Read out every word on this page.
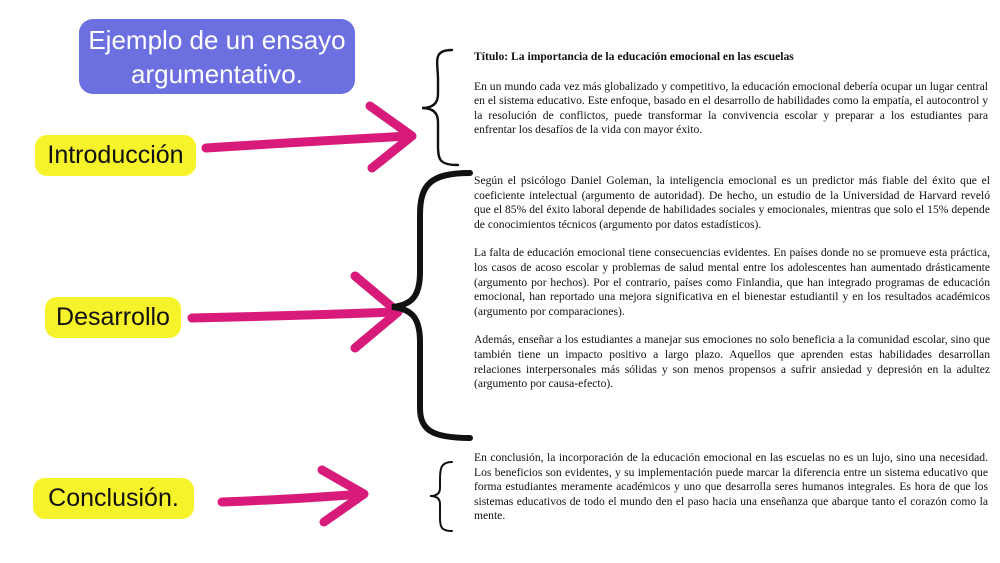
Ejemplo de un ensayo
argumentativo.
Introducción
Desarrollo
Conclusión.

Título: La importancia de la educación emocional en las escuelas

En un mundo cada vez más globalizado y competitivo, la educación emocional debería ocupar un lugar central en el sistema educativo. Este enfoque, basado en el desarrollo de habilidades como la empatía, el autocontrol y la resolución de conflictos, puede transformar la convivencia escolar y preparar a los estudiantes para enfrentar los desafíos de la vida con mayor éxito.

Según el psicólogo Daniel Goleman, la inteligencia emocional es un predictor más fiable del éxito que el coeficiente intelectual (argumento de autoridad). De hecho, un estudio de la Universidad de Harvard reveló que el 85% del éxito laboral depende de habilidades sociales y emocionales, mientras que solo el 15% depende de conocimientos técnicos (argumento por datos estadísticos).

La falta de educación emocional tiene consecuencias evidentes. En países donde no se promueve esta práctica, los casos de acoso escolar y problemas de salud mental entre los adolescentes han aumentado drásticamente (argumento por hechos). Por el contrario, países como Finlandia, que han integrado programas de educación emocional, han reportado una mejora significativa en el bienestar estudiantil y en los resultados académicos (argumento por comparaciones).

Además, enseñar a los estudiantes a manejar sus emociones no solo beneficia a la comunidad escolar, sino que también tiene un impacto positivo a largo plazo. Aquellos que aprenden estas habilidades desarrollan relaciones interpersonales más sólidas y son menos propensos a sufrir ansiedad y depresión en la adultez (argumento por causa-efecto).

En conclusión, la incorporación de la educación emocional en las escuelas no es un lujo, sino una necesidad. Los beneficios son evidentes, y su implementación puede marcar la diferencia entre un sistema educativo que forma estudiantes meramente académicos y uno que desarrolla seres humanos integrales. Es hora de que los sistemas educativos de todo el mundo den el paso hacia una enseñanza que abarque tanto el corazón como la mente.
